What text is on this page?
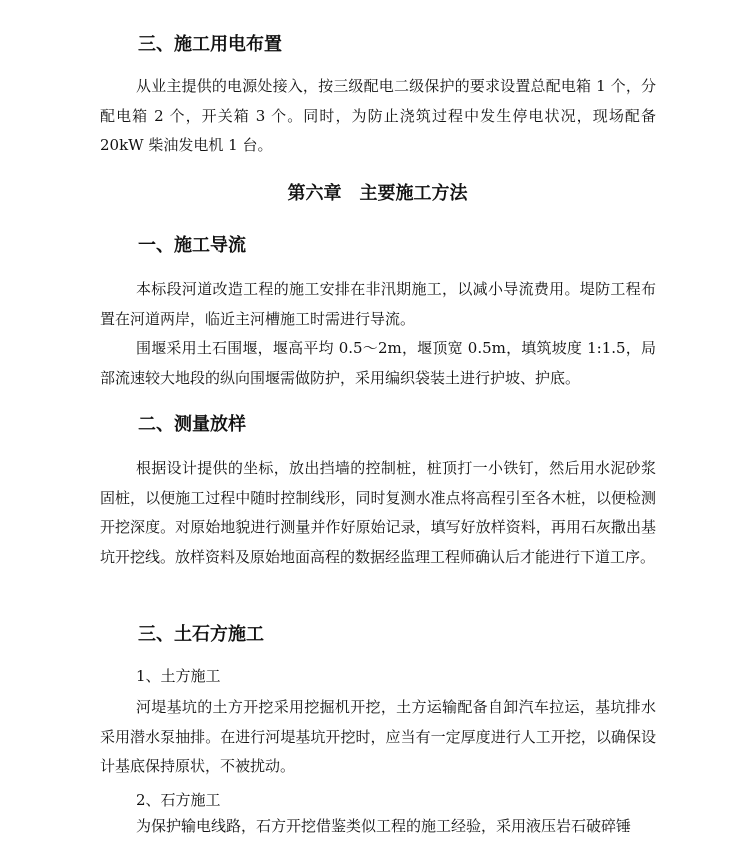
三、施工用电布置

从业主提供的电源处接入，按三级配电二级保护的要求设置总配电箱 1 个，分配电箱 2 个，开关箱 3 个。同时，为防止浇筑过程中发生停电状况，现场配备 20kW 柴油发电机 1 台。

第六章　主要施工方法
一、施工导流

本标段河道改造工程的施工安排在非汛期施工，以减小导流费用。堤防工程布置在河道两岸，临近主河槽施工时需进行导流。

围堰采用土石围堰，堰高平均 0.5～2m，堰顶宽 0.5m，填筑坡度 1:1.5，局部流速较大地段的纵向围堰需做防护，采用编织袋装土进行护坡、护底。

二、测量放样

根据设计提供的坐标，放出挡墙的控制桩，桩顶打一小铁钉，然后用水泥砂浆固桩，以便施工过程中随时控制线形，同时复测水准点将高程引至各木桩，以便检测开挖深度。对原始地貌进行测量并作好原始记录，填写好放样资料，再用石灰撒出基坑开挖线。放样资料及原始地面高程的数据经监理工程师确认后才能进行下道工序。

三、土石方施工
1、土方施工

河堤基坑的土方开挖采用挖掘机开挖，土方运输配备自卸汽车拉运，基坑排水采用潜水泵抽排。在进行河堤基坑开挖时，应当有一定厚度进行人工开挖，以确保设计基底保持原状，不被扰动。

2、石方施工

为保护输电线路，石方开挖借鉴类似工程的施工经验，采用液压岩石破碎锤
